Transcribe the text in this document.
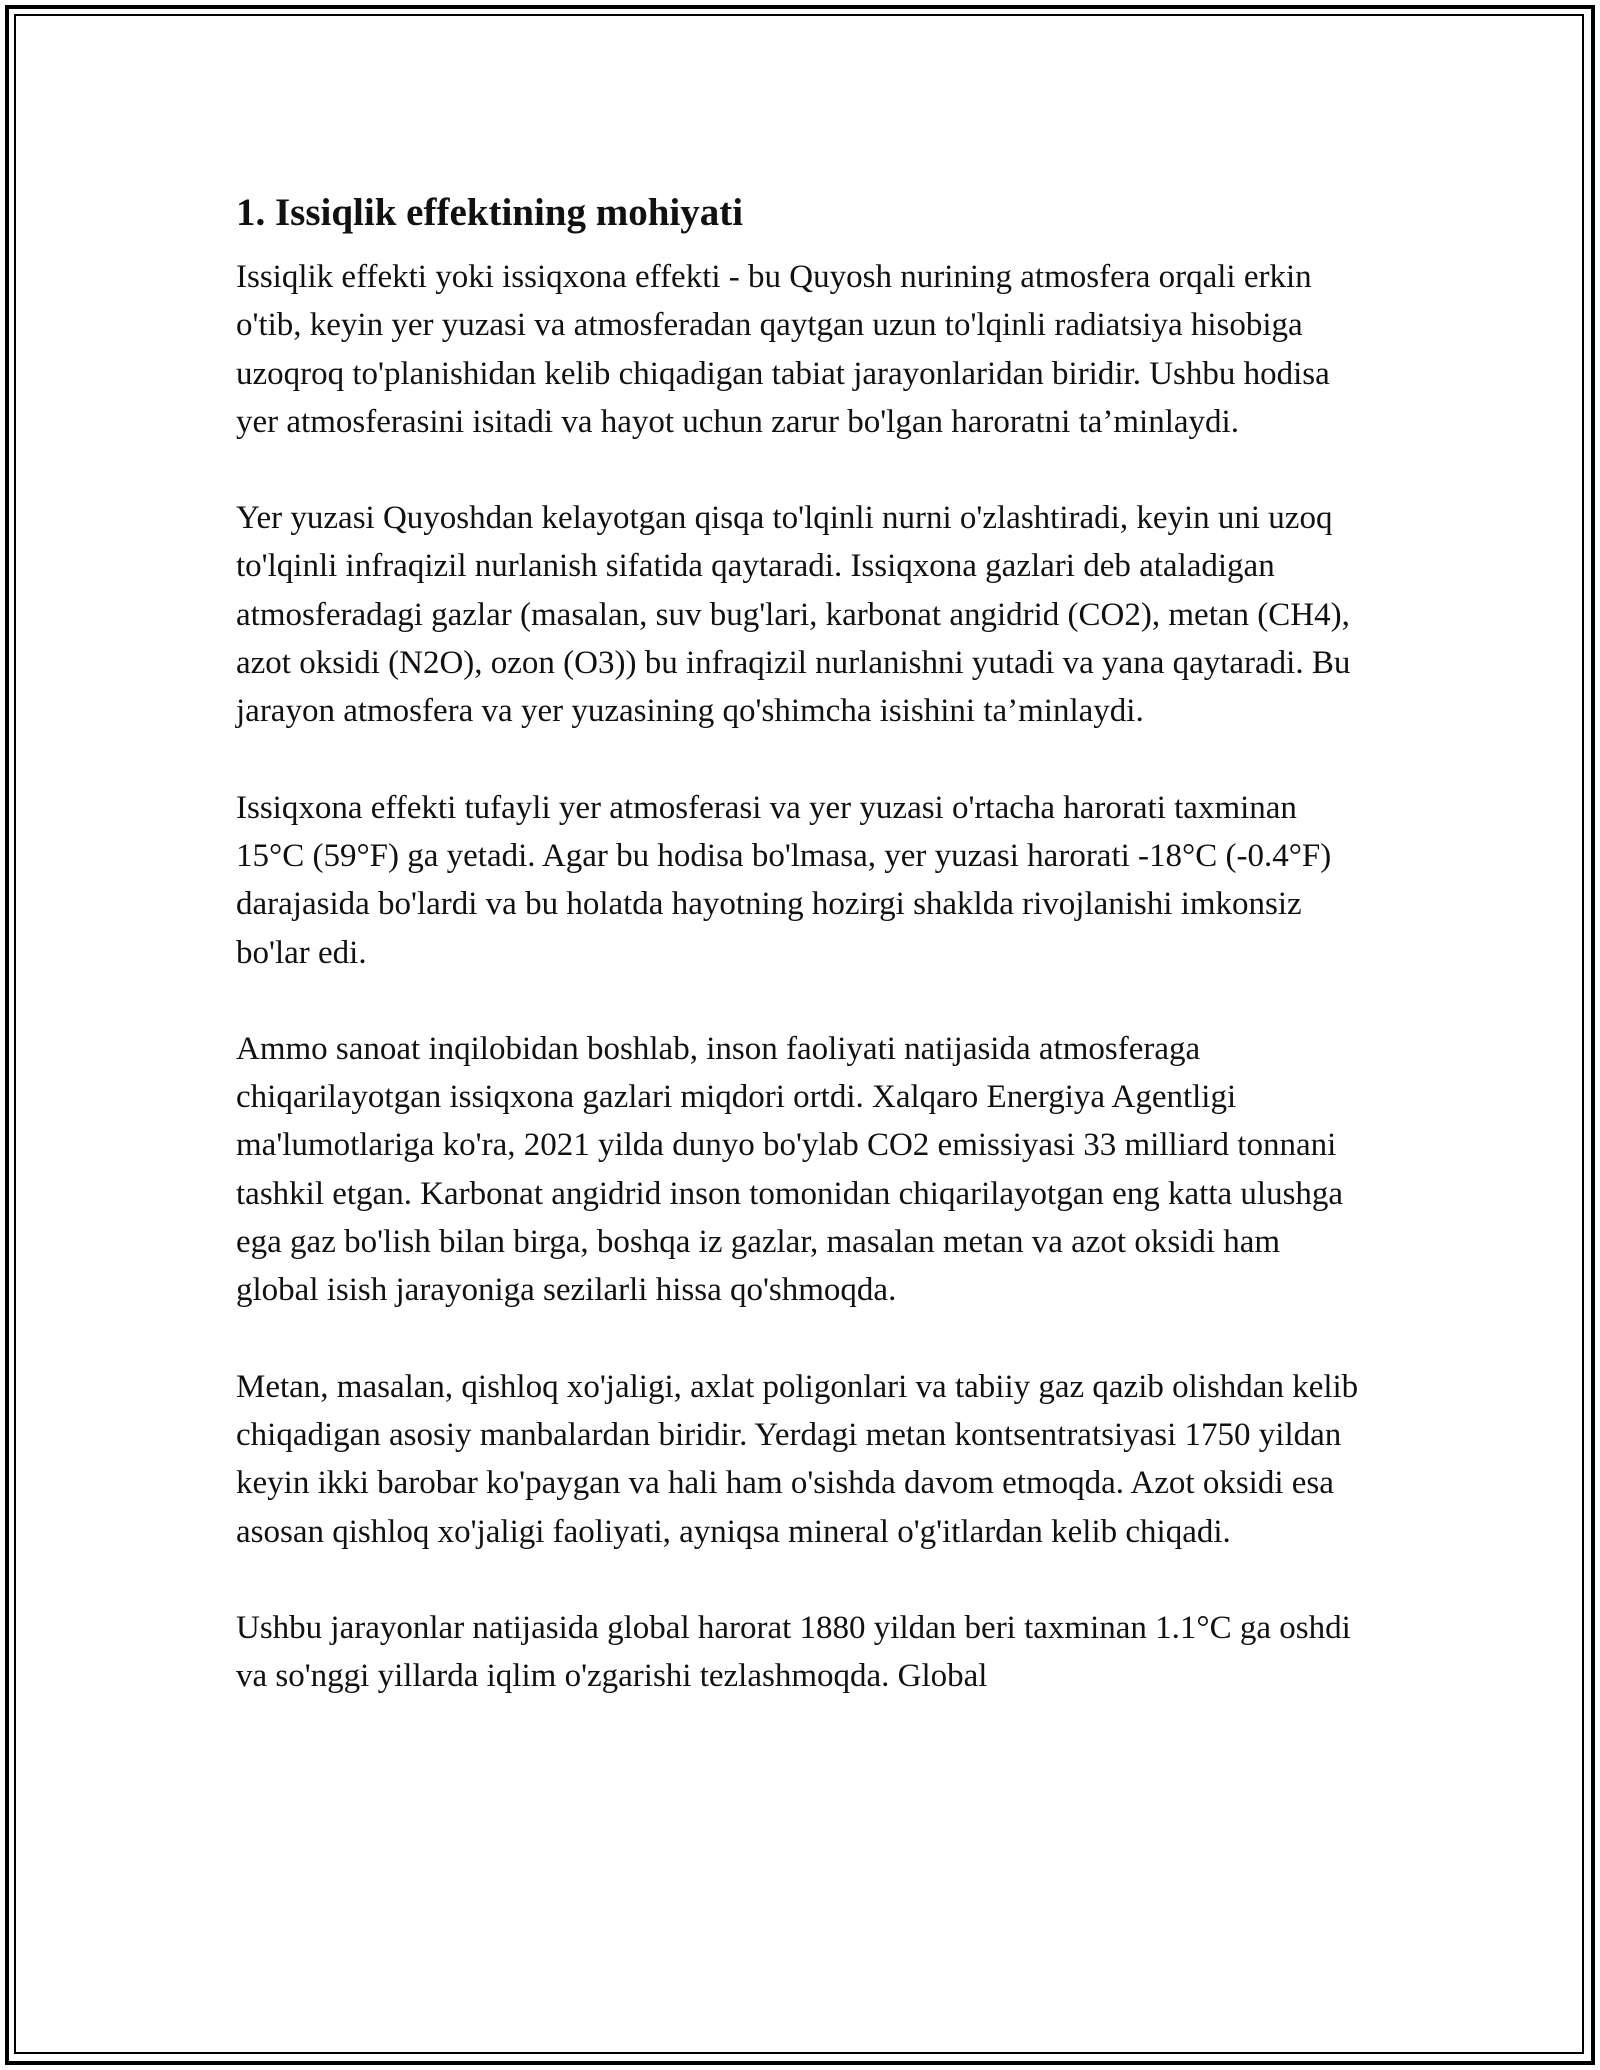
1. Issiqlik effektining mohiyati

Issiqlik effekti yoki issiqxona effekti - bu Quyosh nurining atmosfera orqali erkin o'tib, keyin yer yuzasi va atmosferadan qaytgan uzun to'lqinli radiatsiya hisobiga uzoqroq to'planishidan kelib chiqadigan tabiat jarayonlaridan biridir. Ushbu hodisa yer atmosferasini isitadi va hayot uchun zarur bo'lgan haroratni ta’minlaydi.

Yer yuzasi Quyoshdan kelayotgan qisqa to'lqinli nurni o'zlashtiradi, keyin uni uzoq to'lqinli infraqizil nurlanish sifatida qaytaradi. Issiqxona gazlari deb ataladigan atmosferadagi gazlar (masalan, suv bug'lari, karbonat angidrid (CO2), metan (CH4), azot oksidi (N2O), ozon (O3)) bu infraqizil nurlanishni yutadi va yana qaytaradi. Bu jarayon atmosfera va yer yuzasining qo'shimcha isishini ta’minlaydi.

Issiqxona effekti tufayli yer atmosferasi va yer yuzasi o'rtacha harorati taxminan 15°C (59°F) ga yetadi. Agar bu hodisa bo'lmasa, yer yuzasi harorati -18°C (-0.4°F) darajasida bo'lardi va bu holatda hayotning hozirgi shaklda rivojlanishi imkonsiz bo'lar edi.

Ammo sanoat inqilobidan boshlab, inson faoliyati natijasida atmosferaga chiqarilayotgan issiqxona gazlari miqdori ortdi. Xalqaro Energiya Agentligi ma'lumotlariga ko'ra, 2021 yilda dunyo bo'ylab CO2 emissiyasi 33 milliard tonnani tashkil etgan. Karbonat angidrid inson tomonidan chiqarilayotgan eng katta ulushga ega gaz bo'lish bilan birga, boshqa iz gazlar, masalan metan va azot oksidi ham global isish jarayoniga sezilarli hissa qo'shmoqda.

Metan, masalan, qishloq xo'jaligi, axlat poligonlari va tabiiy gaz qazib olishdan kelib chiqadigan asosiy manbalardan biridir. Yerdagi metan kontsentratsiyasi 1750 yildan keyin ikki barobar ko'paygan va hali ham o'sishda davom etmoqda. Azot oksidi esa asosan qishloq xo'jaligi faoliyati, ayniqsa mineral o'g'itlardan kelib chiqadi.

Ushbu jarayonlar natijasida global harorat 1880 yildan beri taxminan 1.1°C ga oshdi va so'nggi yillarda iqlim o'zgarishi tezlashmoqda. Global
